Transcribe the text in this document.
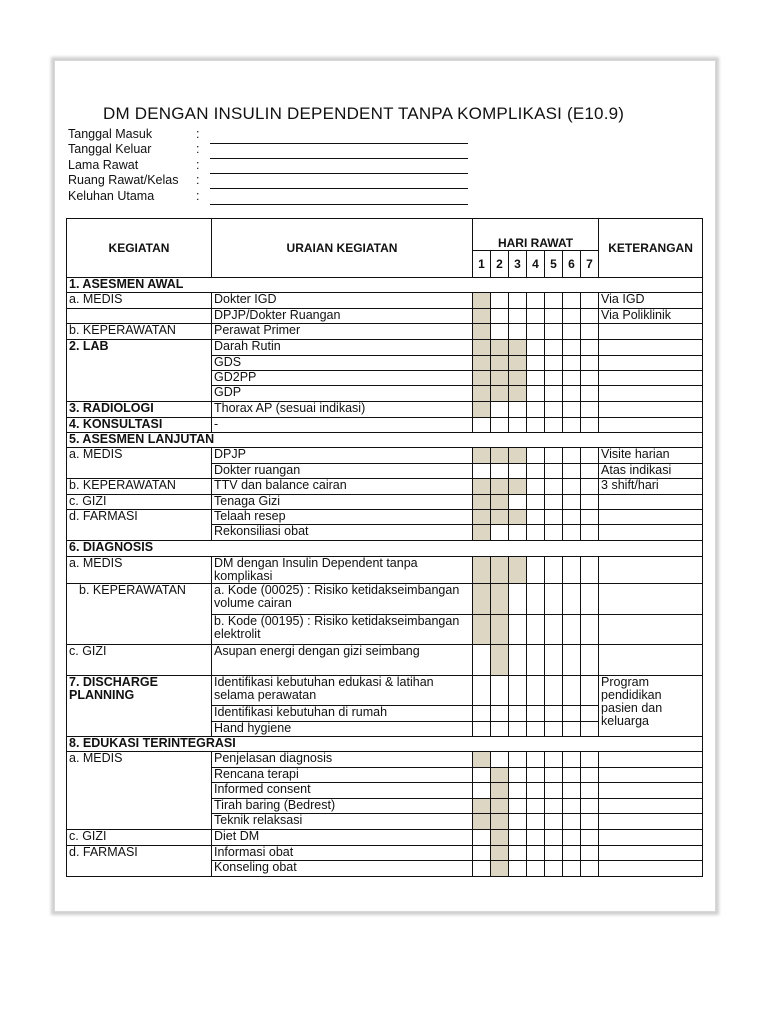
DM DENGAN INSULIN DEPENDENT TANPA KOMPLIKASI (E10.9)
Tanggal Masuk	:
Tanggal Keluar	:
Lama Rawat	:
Ruang Rawat/Kelas :
Keluhan Utama	:
KEGIATAN	URAIAN KEGIATAN	HARI RAWAT							KETERANGAN
		1	2	3	4	5	6	7	
1. ASESMEN AWAL									
a. MEDIS	Dokter IGD								Via IGD
	DPJP/Dokter Ruangan								Via Poliklinik
b. KEPERAWATAN	Perawat Primer								
2. LAB	Darah Rutin								
	GDS								
	GD2PP								
	GDP								
3. RADIOLOGI	Thorax AP (sesuai indikasi)								
4. KONSULTASI	-								
5. ASESMEN LANJUTAN									
a. MEDIS	DPJP								Visite harian
	Dokter ruangan								Atas indikasi
b. KEPERAWATAN	TTV dan balance cairan								3 shift/hari
c. GIZI	Tenaga Gizi								
d. FARMASI	Telaah resep								
	Rekonsiliasi obat								
6. DIAGNOSIS									
a. MEDIS	DM dengan Insulin Dependent tanpa komplikasi								
b. KEPERAWATAN	a. Kode (00025) : Risiko ketidakseimbangan volume cairan								
	b. Kode (00195) : Risiko ketidakseimbangan elektrolit								
c. GIZI	Asupan energi dengan gizi seimbang								
7. DISCHARGE PLANNING	Identifikasi kebutuhan edukasi & latihan selama perawatan								Program pendidikan pasien dan keluarga
	Identifikasi kebutuhan di rumah								
	Hand hygiene								
8. EDUKASI TERINTEGRASI									
a. MEDIS	Penjelasan diagnosis								
	Rencana terapi								
	Informed consent								
	Tirah baring (Bedrest)								
	Teknik relaksasi								
c. GIZI	Diet DM								
d. FARMASI	Informasi obat								
	Konseling obat								
